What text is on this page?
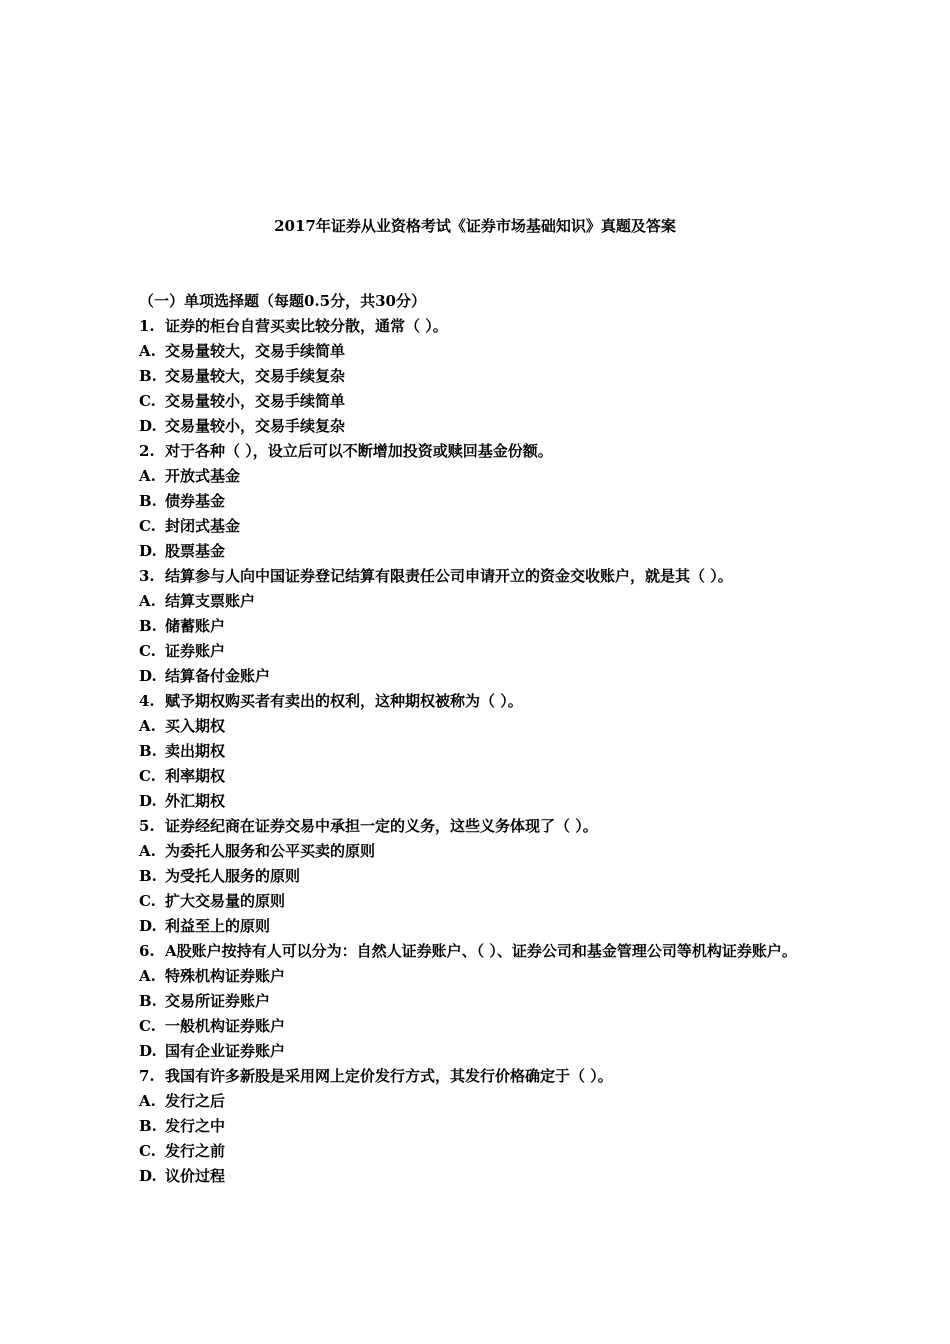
2017年证券从业资格考试《证券市场基础知识》真题及答案
（一）单项选择题（每题0.5分，共30分）
1. 证券的柜台自营买卖比较分散，通常（ ）。
A. 交易量较大，交易手续简单
B. 交易量较大，交易手续复杂
C. 交易量较小，交易手续简单
D. 交易量较小，交易手续复杂
2. 对于各种（ ），设立后可以不断增加投资或赎回基金份额。
A. 开放式基金
B. 债券基金
C. 封闭式基金
D. 股票基金
3. 结算参与人向中国证券登记结算有限责任公司申请开立的资金交收账户，就是其（ ）。
A. 结算支票账户
B. 储蓄账户
C. 证券账户
D. 结算备付金账户
4. 赋予期权购买者有卖出的权利，这种期权被称为（ ）。
A. 买入期权
B. 卖出期权
C. 利率期权
D. 外汇期权
5. 证券经纪商在证券交易中承担一定的义务，这些义务体现了（ ）。
A. 为委托人服务和公平买卖的原则
B. 为受托人服务的原则
C. 扩大交易量的原则
D. 利益至上的原则
6. A股账户按持有人可以分为：自然人证券账户、（ ）、证券公司和基金管理公司等机构证券账户。
A. 特殊机构证券账户
B. 交易所证券账户
C. 一般机构证券账户
D. 国有企业证券账户
7. 我国有许多新股是采用网上定价发行方式，其发行价格确定于（ ）。
A. 发行之后
B. 发行之中
C. 发行之前
D. 议价过程
